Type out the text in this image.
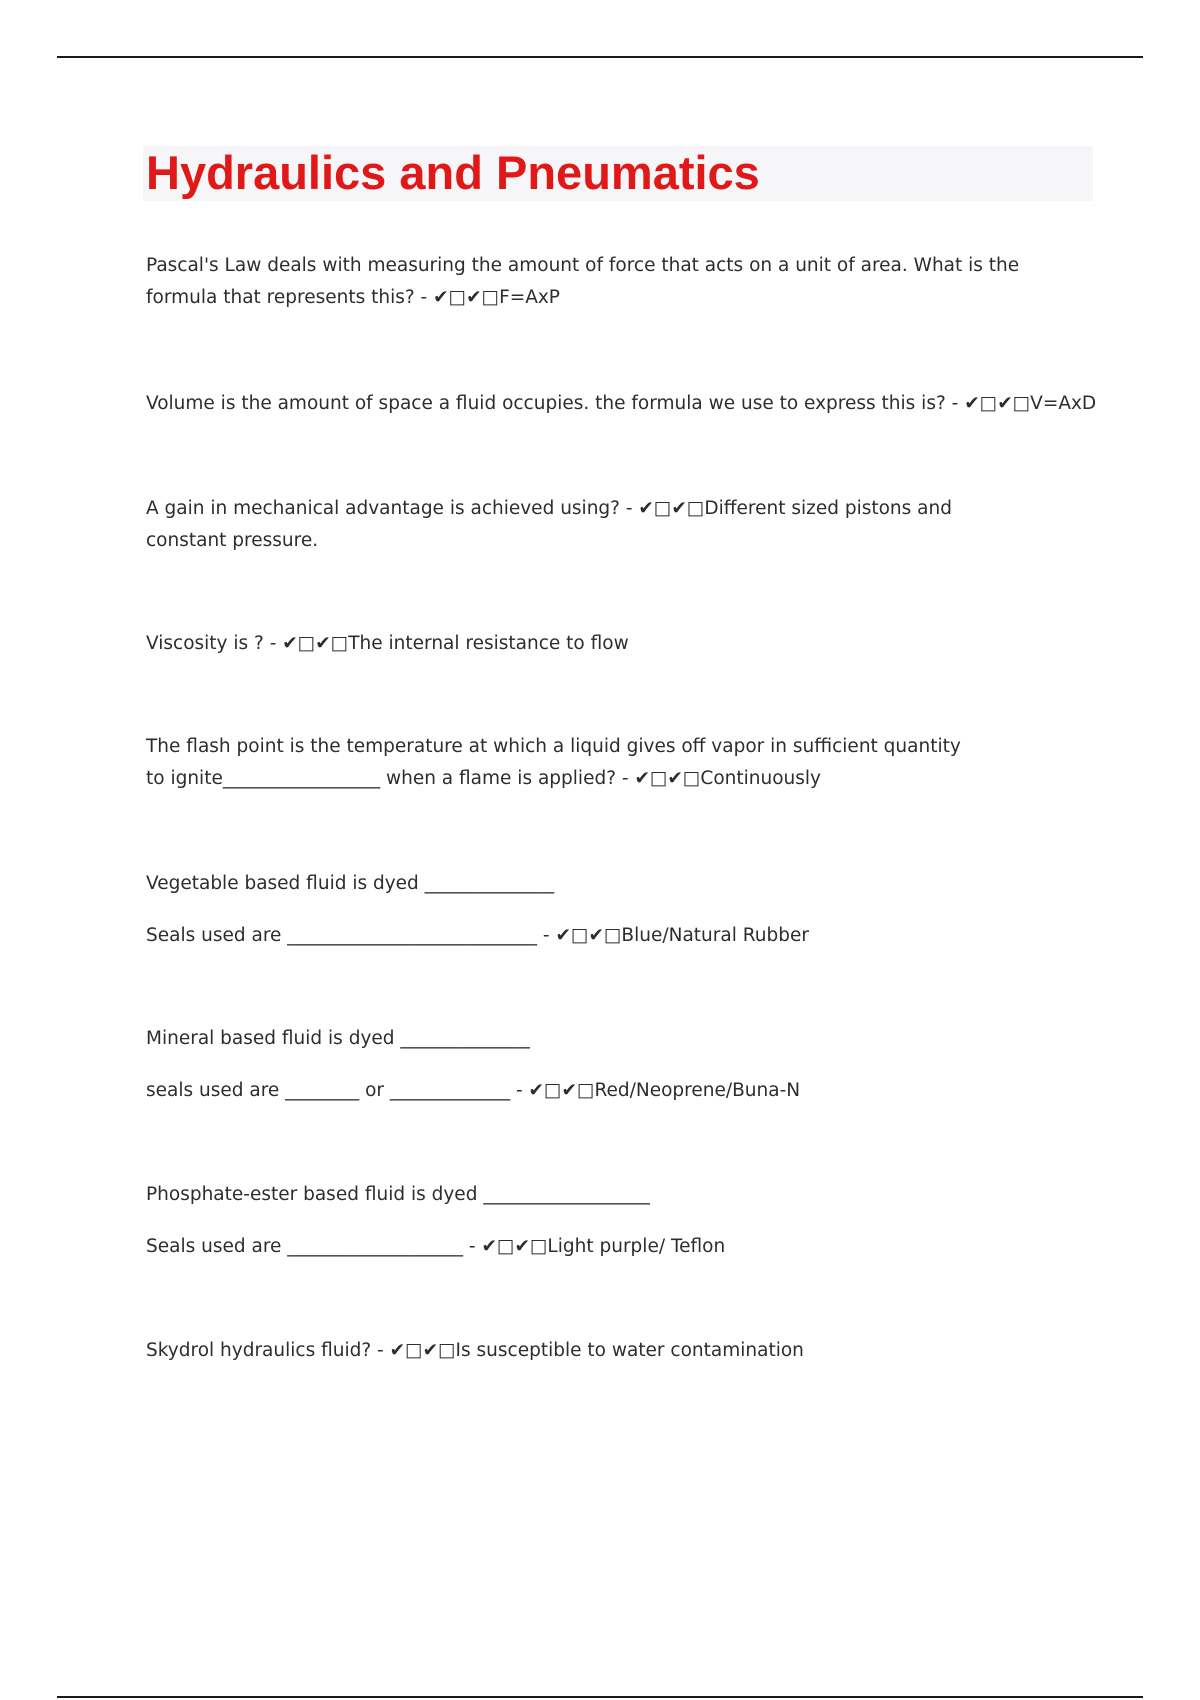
Hydraulics and Pneumatics

Pascal's Law deals with measuring the amount of force that acts on a unit of area. What is the formula that represents this? - ✔□✔□F=AxP

Volume is the amount of space a fluid occupies. the formula we use to express this is? - ✔□✔□V=AxD

A gain in mechanical advantage is achieved using? - ✔□✔□Different sized pistons and constant pressure.

Viscosity is ? - ✔□✔□The internal resistance to flow

The flash point is the temperature at which a liquid gives off vapor in sufficient quantity to ignite_________________ when a flame is applied? - ✔□✔□Continuously

Vegetable based fluid is dyed ______________

Seals used are ___________________________ - ✔□✔□Blue/Natural Rubber

Mineral based fluid is dyed ______________

seals used are ________ or _____________ - ✔□✔□Red/Neoprene/Buna-N

Phosphate-ester based fluid is dyed __________________

Seals used are ___________________ - ✔□✔□Light purple/ Teflon

Skydrol hydraulics fluid? - ✔□✔□Is susceptible to water contamination
